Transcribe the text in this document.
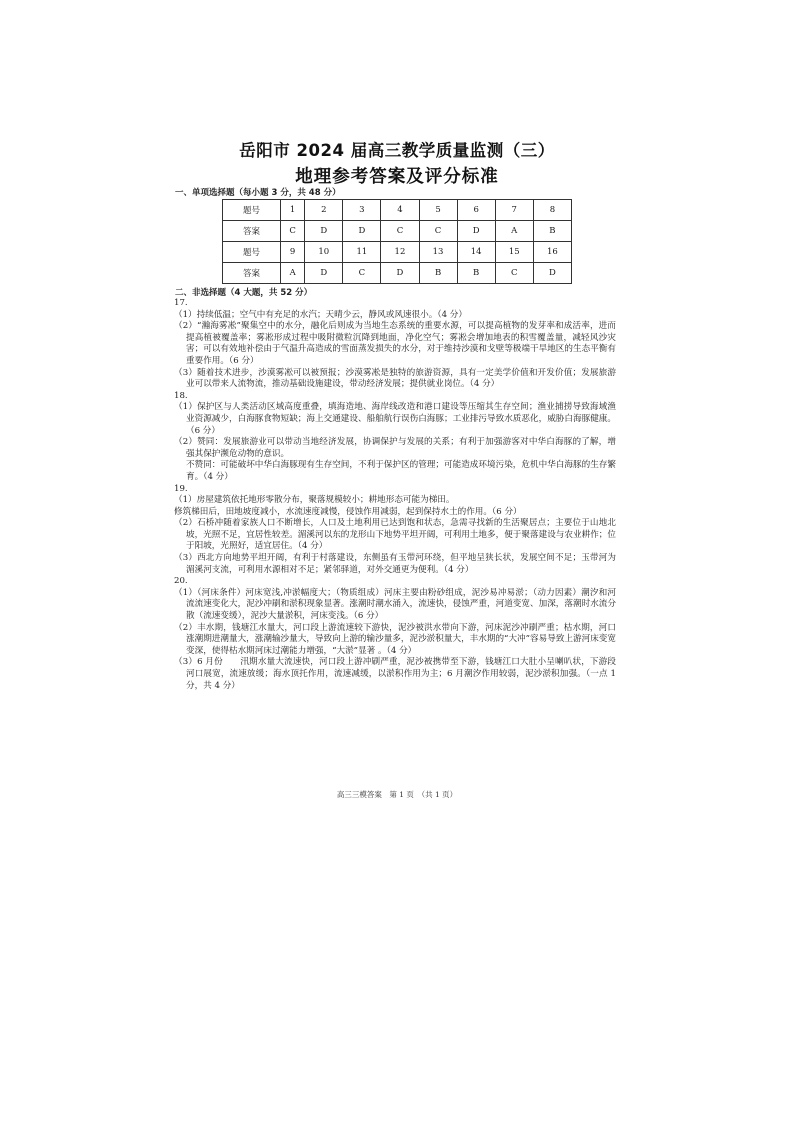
岳阳市 2024 届高三教学质量监测（三）
地理参考答案及评分标准
一、单项选择题（每小题 3 分，共 48 分）
题号	1	2	3	4	5	6	7	8
答案	C	D	D	C	C	D	A	B
题号	9	10	11	12	13	14	15	16
答案	A	D	C	D	B	B	C	D
二、非选择题（4 大题，共 52 分）

17.

（1）持续低温；空气中有充足的水汽；天晴少云，静风或风速很小。（4 分）

（2）“瀚海雾凇”聚集空中的水分，融化后则成为当地生态系统的重要水源，可以提高植物的发芽率和成活率，进而提高植被覆盖率；雾凇形成过程中吸附微粒沉降到地面，净化空气；雾凇会增加地表的积雪覆盖量，减轻风沙灾害；可以有效地补偿由于气温升高造成的雪面蒸发损失的水分，对于维持沙漠和戈壁等极端干旱地区的生态平衡有重要作用。（6 分）

（3）随着技术进步，沙漠雾凇可以被预报；沙漠雾凇是独特的旅游资源，具有一定美学价值和开发价值；发展旅游业可以带来人流物流，推动基础设施建设，带动经济发展；提供就业岗位。（4 分）

18.

（1）保护区与人类活动区域高度重叠，填海造地、海岸线改造和港口建设等压缩其生存空间；渔业捕捞导致海域渔业资源减少，白海豚食物短缺；海上交通建设、船舶航行误伤白海豚；工业排污导致水质恶化，威胁白海豚健康。（6 分）

（2）赞同：发展旅游业可以带动当地经济发展，协调保护与发展的关系；有利于加强游客对中华白海豚的了解，增强其保护濒危动物的意识。

不赞同：可能破坏中华白海豚现有生存空间，不利于保护区的管理；可能造成环境污染，危机中华白海豚的生存繁育。（4 分）

19.

（1）房屋建筑依托地形零散分布，聚落规模较小；耕地形态可能为梯田。

修筑梯田后，田地坡度减小，水流速度减慢，侵蚀作用减弱，起到保持水土的作用。（6 分）

（2）石桥冲随着家族人口不断增长，人口及土地利用已达到饱和状态，急需寻找新的生活聚居点；主要位于山地北坡，光照不足，宜居性较差。湄溪河以东的龙形山下地势平坦开阔，可利用土地多，便于聚落建设与农业耕作；位于阳坡，光照好，适宜居住。（4 分）

（3）西北方向地势平坦开阔，有利于村落建设，东侧虽有玉带河环绕，但平地呈狭长状，发展空间不足；玉带河为湄溪河支流，可利用水源相对不足；紧邻驿道，对外交通更为便利。（4 分）

20.

（1）（河床条件）河床宽浅,冲淤幅度大；（物质组成）河床主要由粉砂组成，泥沙易冲易淤；（动力因素）潮汐和河流流速变化大，泥沙冲刷和淤积现象显著。涨潮时潮水涌入，流速快，侵蚀严重，河道变宽、加深，落潮时水流分散（流速变缓），泥沙大量淤积，河床变浅。（6 分）

（2）丰水期，钱塘江水量大，河口段上游流速较下游快，泥沙被洪水带向下游，河床泥沙冲刷严重；枯水期，河口涨潮期进潮量大，涨潮输沙量大，导致向上游的输沙量多，泥沙淤积量大，丰水期的“大冲”容易导致上游河床变宽变深，使得枯水期河床过潮能力增强，“大淤”显著 。（4 分）

（3）6 月份　　汛期水量大流速快，河口段上游冲刷严重，泥沙被携带至下游，钱塘江口大肚小呈喇叭状，下游段河口展宽，流速放缓；海水顶托作用，流速减缓，以淤积作用为主；6 月潮汐作用较弱，泥沙淤积加强。（一点 1 分，共 4 分）

高三三模答案　第 1 页　（共 1 页）
